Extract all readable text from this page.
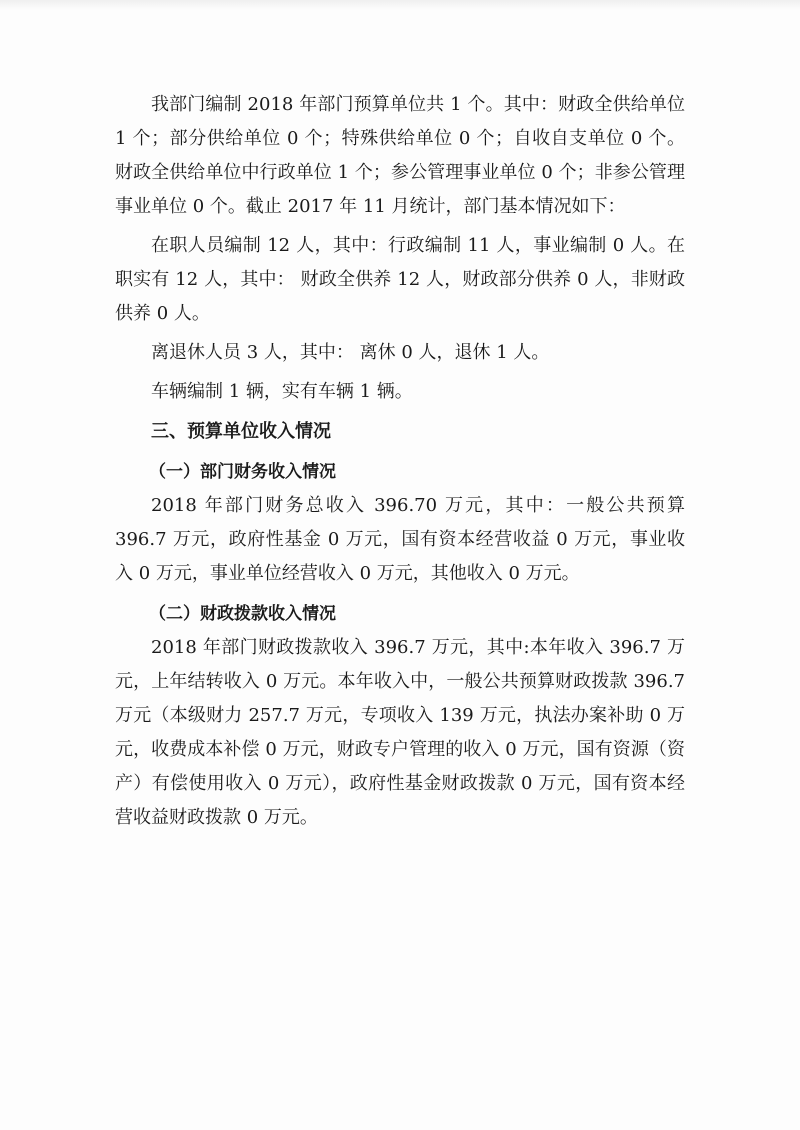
我部门编制 2018 年部门预算单位共 1 个。其中：财政全供给单位 1 个；部分供给单位 0 个；特殊供给单位 0 个；自收自支单位 0 个。财政全供给单位中行政单位 1 个；参公管理事业单位 0 个；非参公管理事业单位 0 个。截止 2017 年 11 月统计，部门基本情况如下：

在职人员编制 12 人，其中：行政编制 11 人，事业编制 0 人。在职实有 12 人，其中： 财政全供养 12 人，财政部分供养 0 人，非财政供养 0 人。

离退休人员 3 人，其中： 离休 0 人，退休 1 人。

车辆编制 1 辆，实有车辆 1 辆。

三、预算单位收入情况
（一）部门财务收入情况

2018 年部门财务总收入 396.70 万元，其中：一般公共预算 396.7 万元，政府性基金 0 万元，国有资本经营收益 0 万元，事业收入 0 万元，事业单位经营收入 0 万元，其他收入 0 万元。

（二）财政拨款收入情况

2018 年部门财政拨款收入 396.7 万元，其中:本年收入 396.7 万元，上年结转收入 0 万元。本年收入中，一般公共预算财政拨款 396.7 万元（本级财力 257.7 万元，专项收入 139 万元，执法办案补助 0 万元，收费成本补偿 0 万元，财政专户管理的收入 0 万元，国有资源（资产）有偿使用收入 0 万元），政府性基金财政拨款 0 万元，国有资本经营收益财政拨款 0 万元。
